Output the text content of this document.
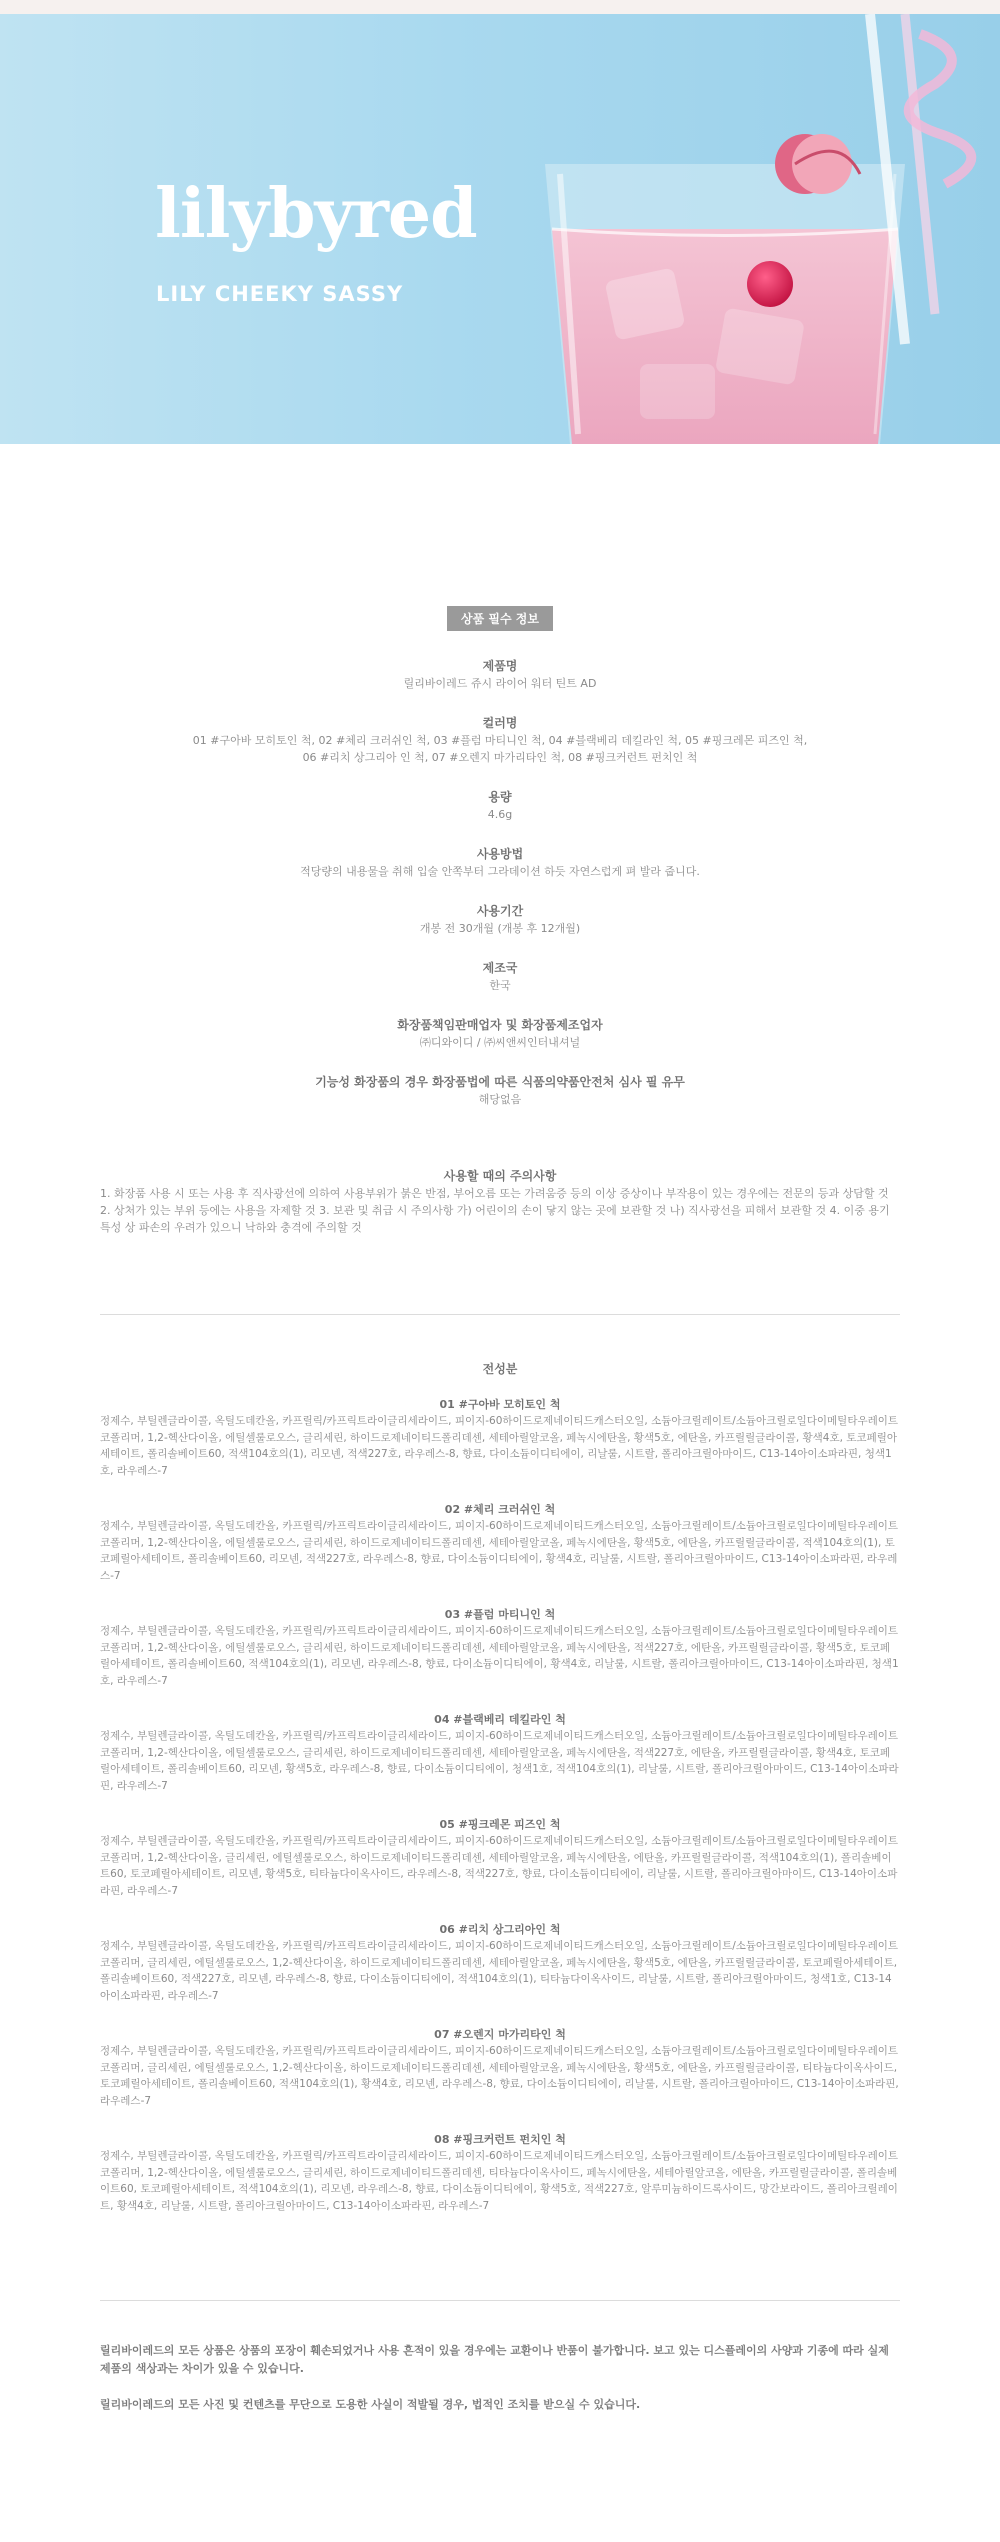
lilybyred
LILY CHEEKY SASSY
상품 필수 정보
제품명
릴리바이레드 쥬시 라이어 워터 틴트 AD
컬러명
01 #구아바 모히토인 척, 02 #체리 크러쉬인 척, 03 #플럼 마티니인 척, 04 #블랙베리 데킬라인 척, 05 #핑크레몬 피즈인 척,
06 #리치 상그리아 인 척, 07 #오렌지 마가리타인 척, 08 #핑크커런트 펀치인 척
용량
4.6g
사용방법
적당량의 내용물을 취해 입술 안쪽부터 그라데이션 하듯 자연스럽게 펴 발라 줍니다.
사용기간
개봉 전 30개월 (개봉 후 12개월)
제조국
한국
화장품책임판매업자 및 화장품제조업자
㈜디와이디 / ㈜씨앤씨인터내셔널
기능성 화장품의 경우 화장품법에 따른 식품의약품안전처 심사 필 유무
해당없음
사용할 때의 주의사항
1. 화장품 사용 시 또는 사용 후 직사광선에 의하여 사용부위가 붉은 반점, 부어오름 또는 가려움증 등의 이상 증상이나 부작용이 있는 경우에는 전문의 등과 상담할 것 2. 상처가 있는 부위 등에는 사용을 자제할 것 3. 보관 및 취급 시 주의사항 가) 어린이의 손이 닿지 않는 곳에 보관할 것 나) 직사광선을 피해서 보관할 것 4. 이중 용기 특성 상 파손의 우려가 있으니 낙하와 충격에 주의할 것
전성분
01 #구아바 모히토인 척
정제수, 부틸렌글라이콜, 옥틸도데칸올, 카프릴릭/카프릭트라이글리세라이드, 피이지-60하이드로제네이티드캐스터오일, 소듐아크릴레이트/소듐아크릴로일다이메틸타우레이트코폴리머, 1,2-헥산다이올, 에틸셀룰로오스, 글리세린, 하이드로제네이티드폴리데센, 세테아릴알코올, 페녹시에탄올, 황색5호, 에탄올, 카프릴릴글라이콜, 황색4호, 토코페릴아세테이트, 폴리솔베이트60, 적색104호의(1), 리모넨, 적색227호, 라우레스-8, 향료, 다이소듐이디티에이, 리날룰, 시트랄, 폴리아크릴아마이드, C13-14아이소파라핀, 청색1호, 라우레스-7
02 #체리 크러쉬인 척
정제수, 부틸렌글라이콜, 옥틸도데칸올, 카프릴릭/카프릭트라이글리세라이드, 피이지-60하이드로제네이티드캐스터오일, 소듐아크릴레이트/소듐아크릴로일다이메틸타우레이트코폴리머, 1,2-헥산다이올, 에틸셀룰로오스, 글리세린, 하이드로제네이티드폴리데센, 세테아릴알코올, 페녹시에탄올, 황색5호, 에탄올, 카프릴릴글라이콜, 적색104호의(1), 토코페릴아세테이트, 폴리솔베이트60, 리모넨, 적색227호, 라우레스-8, 향료, 다이소듐이디티에이, 황색4호, 리날룰, 시트랄, 폴리아크릴아마이드, C13-14아이소파라핀, 라우레스-7
03 #플럼 마티니인 척
정제수, 부틸렌글라이콜, 옥틸도데칸올, 카프릴릭/카프릭트라이글리세라이드, 피이지-60하이드로제네이티드캐스터오일, 소듐아크릴레이트/소듐아크릴로일다이메틸타우레이트코폴리머, 1,2-헥산다이올, 에틸셀룰로오스, 글리세린, 하이드로제네이티드폴리데센, 세테아릴알코올, 페녹시에탄올, 적색227호, 에탄올, 카프릴릴글라이콜, 황색5호, 토코페릴아세테이트, 폴리솔베이트60, 적색104호의(1), 리모넨, 라우레스-8, 향료, 다이소듐이디티에이, 황색4호, 리날룰, 시트랄, 폴리아크릴아마이드, C13-14아이소파라핀, 청색1호, 라우레스-7
04 #블랙베리 데킬라인 척
정제수, 부틸렌글라이콜, 옥틸도데칸올, 카프릴릭/카프릭트라이글리세라이드, 피이지-60하이드로제네이티드캐스터오일, 소듐아크릴레이트/소듐아크릴로일다이메틸타우레이트코폴리머, 1,2-헥산다이올, 에틸셀룰로오스, 글리세린, 하이드로제네이티드폴리데센, 세테아릴알코올, 페녹시에탄올, 적색227호, 에탄올, 카프릴릴글라이콜, 황색4호, 토코페릴아세테이트, 폴리솔베이트60, 리모넨, 황색5호, 라우레스-8, 향료, 다이소듐이디티에이, 청색1호, 적색104호의(1), 리날룰, 시트랄, 폴리아크릴아마이드, C13-14아이소파라핀, 라우레스-7
05 #핑크레몬 피즈인 척
정제수, 부틸렌글라이콜, 옥틸도데칸올, 카프릴릭/카프릭트라이글리세라이드, 피이지-60하이드로제네이티드캐스터오일, 소듐아크릴레이트/소듐아크릴로일다이메틸타우레이트코폴리머, 1,2-헥산다이올, 글리세린, 에틸셀룰로오스, 하이드로제네이티드폴리데센, 세테아릴알코올, 페녹시에탄올, 에탄올, 카프릴릴글라이콜, 적색104호의(1), 폴리솔베이트60, 토코페릴아세테이트, 리모넨, 황색5호, 티타늄다이옥사이드, 라우레스-8, 적색227호, 향료, 다이소듐이디티에이, 리날룰, 시트랄, 폴리아크릴아마이드, C13-14아이소파라핀, 라우레스-7
06 #리치 상그리아인 척
정제수, 부틸렌글라이콜, 옥틸도데칸올, 카프릴릭/카프릭트라이글리세라이드, 피이지-60하이드로제네이티드캐스터오일, 소듐아크릴레이트/소듐아크릴로일다이메틸타우레이트코폴리머, 글리세린, 에틸셀룰로오스, 1,2-헥산다이올, 하이드로제네이티드폴리데센, 세테아릴알코올, 페녹시에탄올, 황색5호, 에탄올, 카프릴릴글라이콜, 토코페릴아세테이트, 폴리솔베이트60, 적색227호, 리모넨, 라우레스-8, 향료, 다이소듐이디티에이, 적색104호의(1), 티타늄다이옥사이드, 리날룰, 시트랄, 폴리아크릴아마이드, 청색1호, C13-14아이소파라핀, 라우레스-7
07 #오렌지 마가리타인 척
정제수, 부틸렌글라이콜, 옥틸도데칸올, 카프릴릭/카프릭트라이글리세라이드, 피이지-60하이드로제네이티드캐스터오일, 소듐아크릴레이트/소듐아크릴로일다이메틸타우레이트코폴리머, 글리세린, 에틸셀룰로오스, 1,2-헥산다이올, 하이드로제네이티드폴리데센, 세테아릴알코올, 페녹시에탄올, 황색5호, 에탄올, 카프릴릴글라이콜, 티타늄다이옥사이드, 토코페릴아세테이트, 폴리솔베이트60, 적색104호의(1), 황색4호, 리모넨, 라우레스-8, 향료, 다이소듐이디티에이, 리날룰, 시트랄, 폴리아크릴아마이드, C13-14아이소파라핀, 라우레스-7
08 #핑크커런트 펀치인 척
정제수, 부틸렌글라이콜, 옥틸도데칸올, 카프릴릭/카프릭트라이글리세라이드, 피이지-60하이드로제네이티드캐스터오일, 소듐아크릴레이트/소듐아크릴로일다이메틸타우레이트코폴리머, 1,2-헥산다이올, 에틸셀룰로오스, 글리세린, 하이드로제네이티드폴리데센, 티타늄다이옥사이드, 페녹시에탄올, 세테아릴알코올, 에탄올, 카프릴릴글라이콜, 폴리솔베이트60, 토코페릴아세테이트, 적색104호의(1), 리모넨, 라우레스-8, 향료, 다이소듐이디티에이, 황색5호, 적색227호, 알루미늄하이드록사이드, 망간보라이드, 폴리아크릴레이트, 황색4호, 리날룰, 시트랄, 폴리아크릴아마이드, C13-14아이소파라핀, 라우레스-7
릴리바이레드의 모든 상품은 상품의 포장이 훼손되었거나 사용 흔적이 있을 경우에는 교환이나 반품이 불가합니다. 보고 있는 디스플레이의 사양과 기종에 따라 실제 제품의 색상과는 차이가 있을 수 있습니다.
릴리바이레드의 모든 사진 및 컨텐츠를 무단으로 도용한 사실이 적발될 경우, 법적인 조치를 받으실 수 있습니다.
